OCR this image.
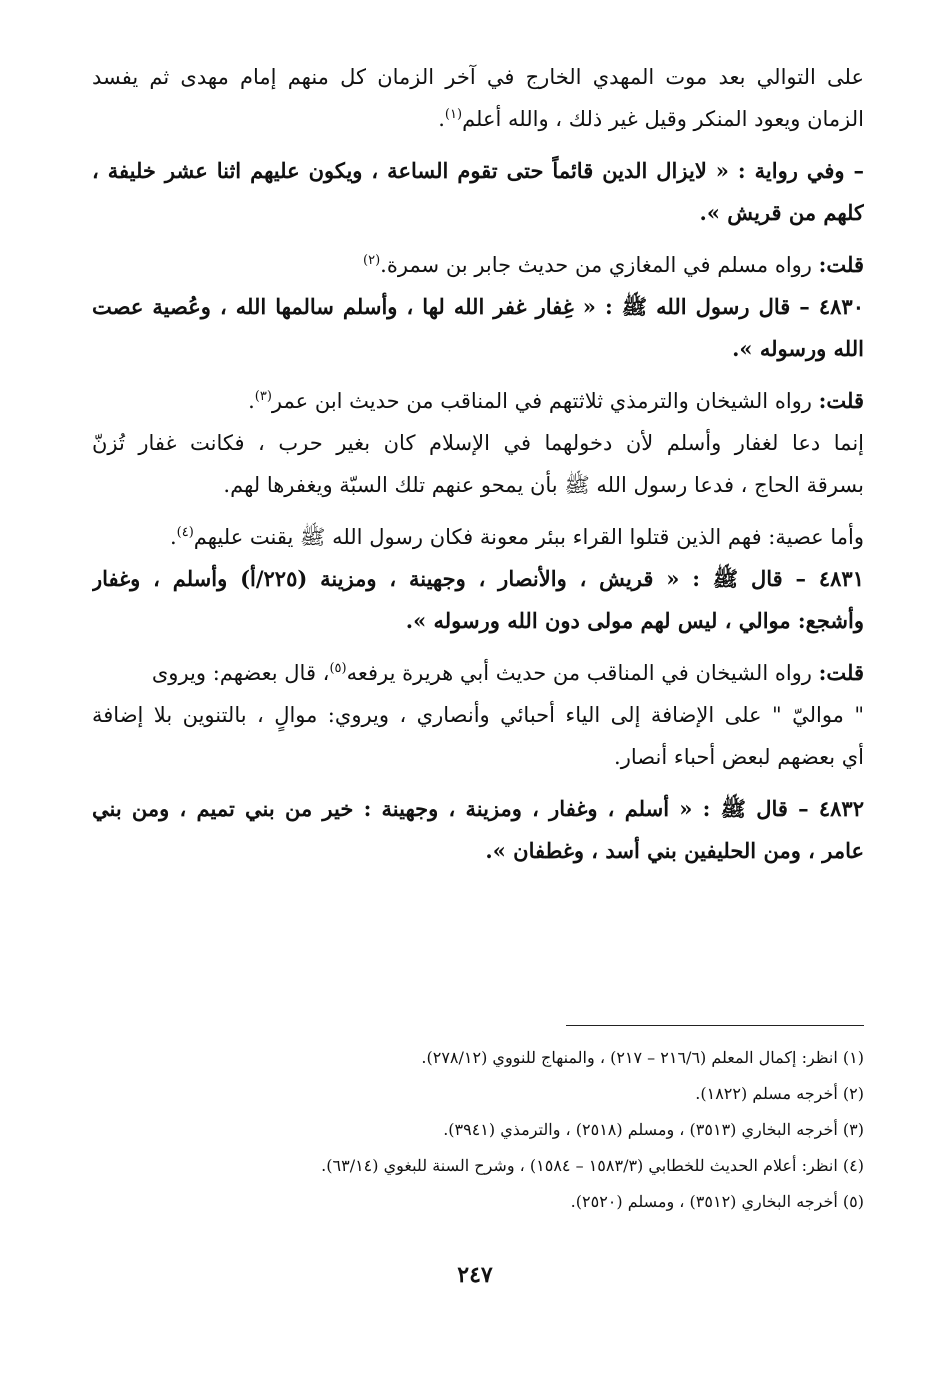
على التوالي بعد موت المهدي الخارج في آخر الزمان كل منهم إمام مهدى ثم يفسد
الزمان ويعود المنكر وقيل غير ذلك ، والله أعلم$^{(١)}$.
– وفي رواية : « لايزال الدين قائماً حتى تقوم الساعة ، ويكون عليهم اثنا عشر خليفة ،
كلهم من قريش ».
قلت: رواه مسلم في المغازي من حديث جابر بن سمرة.$^{(٢)}$
٤٨٣٠ – قال رسول الله ﷺ : « غِفار غفر الله لها ، وأسلم سالمها الله ، وعُصية عصت
الله ورسوله ».
قلت: رواه الشيخان والترمذي ثلاثتهم في المناقب من حديث ابن عمر$^{(٣)}$.
إنما دعا لغفار وأسلم لأن دخولهما في الإسلام كان بغير حرب ، فكانت غفار تُزنّ
بسرقة الحاج ، فدعا رسول الله ﷺ بأن يمحو عنهم تلك السبّة ويغفرها لهم.
وأما عصية: فهم الذين قتلوا القراء ببئر معونة فكان رسول الله ﷺ يقنت عليهم$^{(٤)}$.
٤٨٣١ – قال ﷺ : « قريش ، والأنصار ، وجهينة ، ومزينة (٢٢٥/أ) وأسلم ، وغفار
وأشجع: موالي ، ليس لهم مولى دون الله ورسوله ».
قلت: رواه الشيخان في المناقب من حديث أبي هريرة يرفعه$^{(٥)}$، قال بعضهم: ويروى
" مواليّ " على الإضافة إلى الياء أحبائي وأنصاري ، ويروي: موالٍ ، بالتنوين بلا إضافة
أي بعضهم لبعض أحباء أنصار.
٤٨٣٢ – قال ﷺ : « أسلم ، وغفار ، ومزينة ، وجهينة : خير من بني تميم ، ومن بني
عامر ، ومن الحليفين بني أسد ، وغطفان ».
(١) انظر: إكمال المعلم (٢١٦/٦ – ٢١٧) ، والمنهاج للنووي (٢٧٨/١٢).
(٢) أخرجه مسلم (١٨٢٢).
(٣) أخرجه البخاري (٣٥١٣) ، ومسلم (٢٥١٨) ، والترمذي (٣٩٤١).
(٤) انظر: أعلام الحديث للخطابي (١٥٨٣/٣ – ١٥٨٤) ، وشرح السنة للبغوي (٦٣/١٤).
(٥) أخرجه البخاري (٣٥١٢) ، ومسلم (٢٥٢٠).
٢٤٧
